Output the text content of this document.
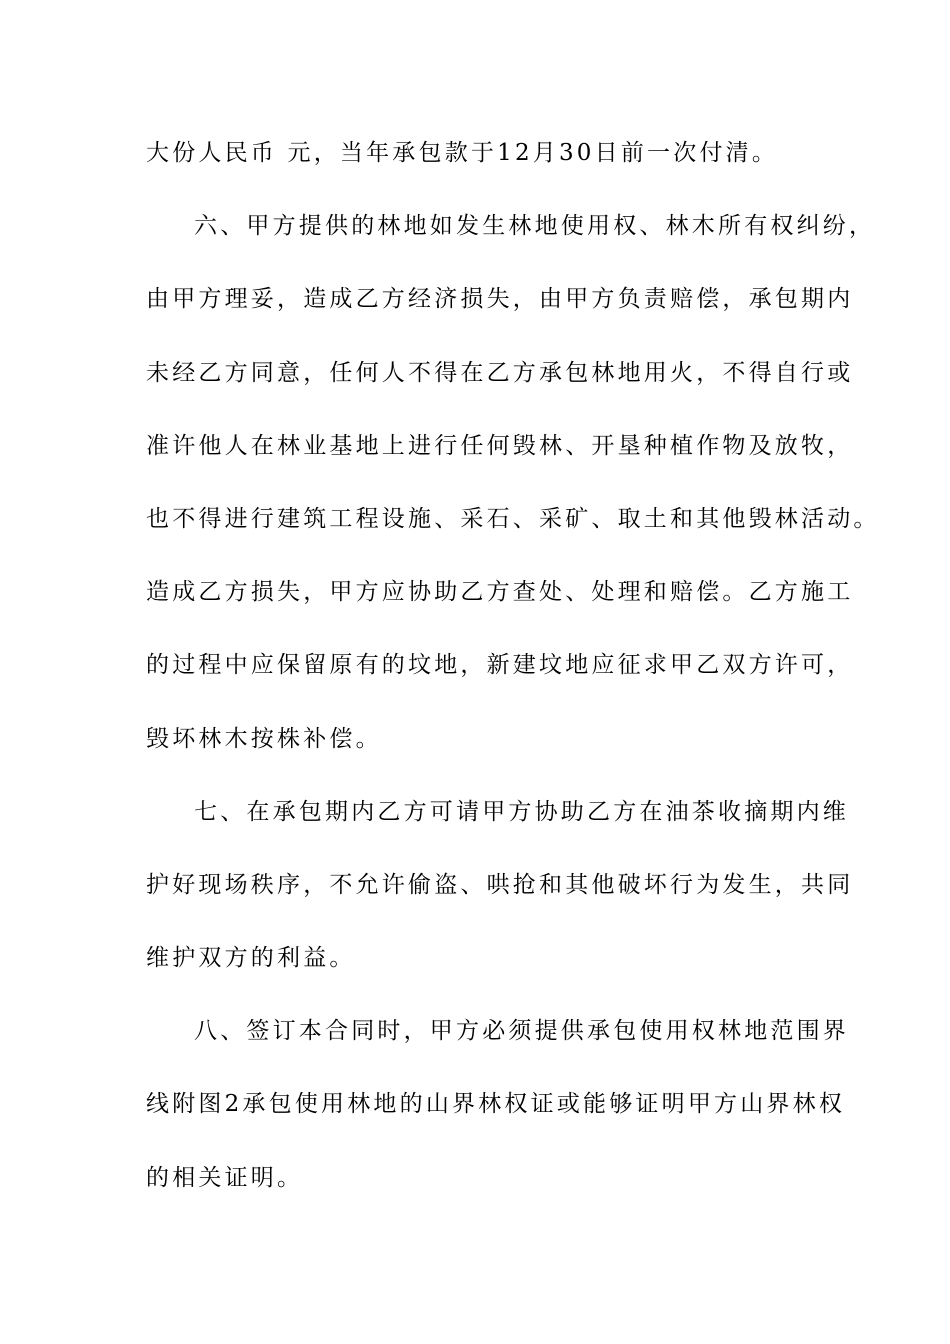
大份人民币 元，当年承包款于12月30日前一次付清。
六、甲方提供的林地如发生林地使用权、林木所有权纠纷，
由甲方理妥，造成乙方经济损失，由甲方负责赔偿，承包期内
未经乙方同意，任何人不得在乙方承包林地用火，不得自行或
准许他人在林业基地上进行任何毁林、开垦种植作物及放牧，
也不得进行建筑工程设施、采石、采矿、取土和其他毁林活动。
造成乙方损失，甲方应协助乙方查处、处理和赔偿。乙方施工
的过程中应保留原有的坟地，新建坟地应征求甲乙双方许可，
毁坏林木按株补偿。
七、在承包期内乙方可请甲方协助乙方在油茶收摘期内维
护好现场秩序，不允许偷盗、哄抢和其他破坏行为发生，共同
维护双方的利益。
八、签订本合同时，甲方必须提供承包使用权林地范围界
线附图2承包使用林地的山界林权证或能够证明甲方山界林权
的相关证明。
